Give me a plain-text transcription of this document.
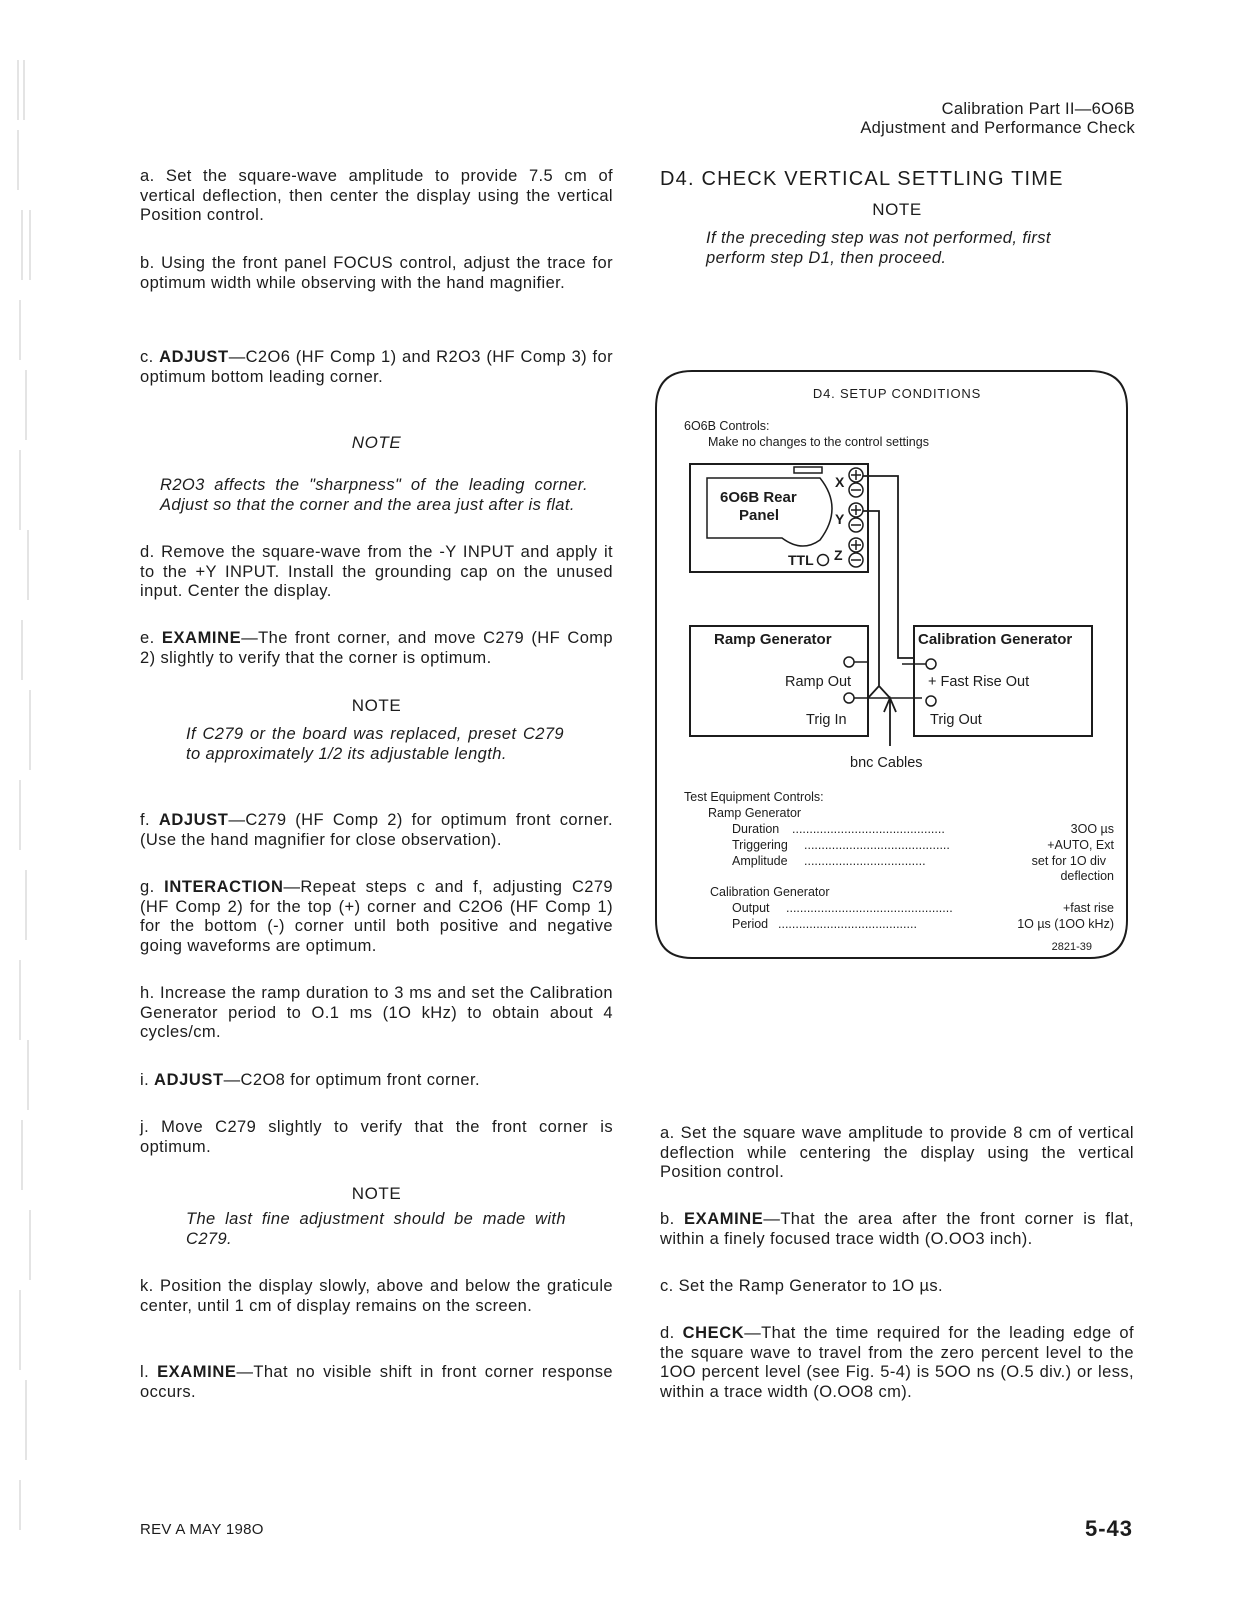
Calibration Part II—6O6B
Adjustment and Performance Check
a. Set the square-wave amplitude to provide 7.5 cm of vertical deflection, then center the display using the vertical Position control.
b. Using the front panel FOCUS control, adjust the trace for optimum width while observing with the hand magnifier.
c. ADJUST—C2O6 (HF Comp 1) and R2O3 (HF Comp 3) for optimum bottom leading corner.
NOTE
R2O3 affects the "sharpness" of the leading corner. Adjust so that the corner and the area just after is flat.
d. Remove the square-wave from the -Y INPUT and apply it to the +Y INPUT. Install the grounding cap on the unused input. Center the display.
e. EXAMINE—The front corner, and move C279 (HF Comp 2) slightly to verify that the corner is optimum.
NOTE
If C279 or the board was replaced, preset C279 to approximately 1/2 its adjustable length.
f. ADJUST—C279 (HF Comp 2) for optimum front corner. (Use the hand magnifier for close observation).
g. INTERACTION—Repeat steps c and f, adjusting C279 (HF Comp 2) for the top (+) corner and C2O6 (HF Comp 1) for the bottom (-) corner until both positive and negative going waveforms are optimum.
h. Increase the ramp duration to 3 ms and set the Calibration Generator period to O.1 ms (1O kHz) to obtain about 4 cycles/cm.
i. ADJUST—C2O8 for optimum front corner.
j. Move C279 slightly to verify that the front corner is optimum.
NOTE
The last fine adjustment should be made with C279.
k. Position the display slowly, above and below the graticule center, until 1 cm of display remains on the screen.
l. EXAMINE—That no visible shift in front corner response occurs.
D4. CHECK VERTICAL SETTLING TIME
NOTE
If the preceding step was not performed, first perform step D1, then proceed.
D4. SETUP CONDITIONS
6O6B Controls:
Make no changes to the control settings
6O6B Rear
Panel
X
Y
Z
TTL
Ramp Generator
Ramp Out
Trig In
Calibration Generator
+ Fast Rise Out
Trig Out
bnc Cables
Test Equipment Controls:
Ramp Generator
Duration ............................................	3OO µs
Triggering ..........................................	+AUTO, Ext
Amplitude ...................................	set for 1O div
deflection
Calibration Generator
Output ................................................	+fast rise
Period ........................................	1O µs (1OO kHz)
2821-39
a. Set the square wave amplitude to provide 8 cm of vertical deflection while centering the display using the vertical Position control.
b. EXAMINE—That the area after the front corner is flat, within a finely focused trace width (O.OO3 inch).
c. Set the Ramp Generator to 1O µs.
d. CHECK—That the time required for the leading edge of the square wave to travel from the zero percent level to the 1OO percent level (see Fig. 5-4) is 5OO ns (O.5 div.) or less, within a trace width (O.OO8 cm).
REV A MAY 198O	5-43
